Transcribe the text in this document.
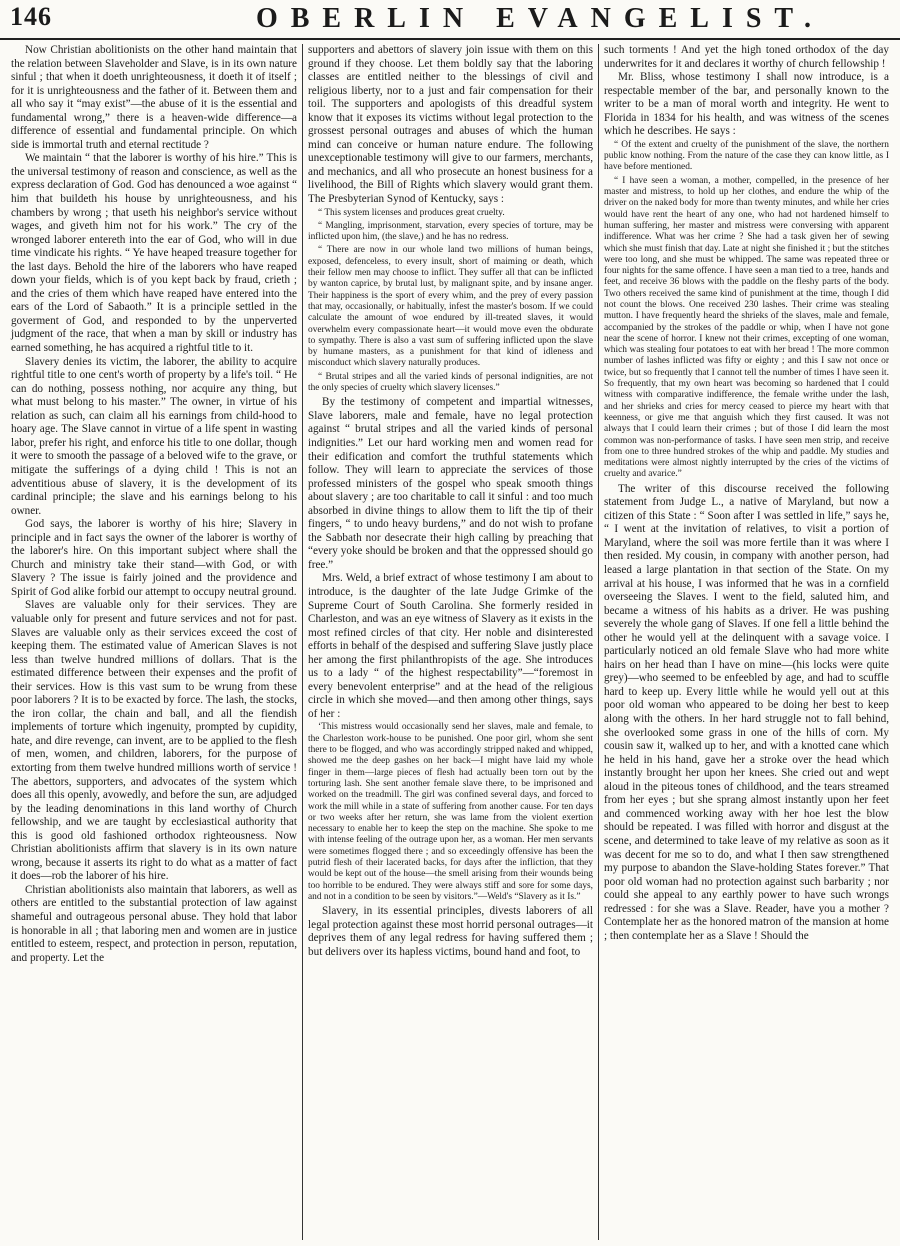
146	OBERLIN EVANGELIST.

Now Christian abolitionists on the other hand maintain that the relation between Slaveholder and Slave, is in its own nature sinful ; that when it doeth unrighteousness, it doeth it of itself ; for it is unrighteousness and the father of it. Between them and all who say it “may exist”—the abuse of it is the essential and fundamental wrong,” there is a heaven-wide difference—a difference of essential and fundamental principle. On which side is immortal truth and eternal rectitude ?

We maintain “ that the laborer is worthy of his hire.” This is the universal testimony of reason and conscience, as well as the express declaration of God. God has denounced a woe against “ him that buildeth his house by unrighteousness, and his chambers by wrong ; that useth his neighbor's service without wages, and giveth him not for his work.” The cry of the wronged laborer entereth into the ear of God, who will in due time vindicate his rights. “ Ye have heaped treasure together for the last days. Behold the hire of the laborers who have reaped down your fields, which is of you kept back by fraud, crieth ; and the cries of them which have reaped have entered into the ears of the Lord of Sabaoth.” It is a principle settled in the goverment of God, and responded to by the unperverted judgment of the race, that when a man by skill or industry has earned something, he has acquired a rightful title to it.

Slavery denies its victim, the laborer, the ability to acquire rightful title to one cent's worth of property by a life's toil. “ He can do nothing, possess nothing, nor acquire any thing, but what must belong to his master.” The owner, in virtue of his relation as such, can claim all his earnings from child-hood to hoary age. The Slave cannot in virtue of a life spent in wasting labor, prefer his right, and enforce his title to one dollar, though it were to smooth the passage of a beloved wife to the grave, or mitigate the sufferings of a dying child ! This is not an adventitious abuse of slavery, it is the development of its cardinal principle; the slave and his earnings belong to his owner.

God says, the laborer is worthy of his hire; Slavery in principle and in fact says the owner of the laborer is worthy of the laborer's hire. On this important subject where shall the Church and ministry take their stand—with God, or with Slavery ? The issue is fairly joined and the providence and Spirit of God alike forbid our attempt to occupy neutral ground.

Slaves are valuable only for their services. They are valuable only for present and future services and not for past. Slaves are valuable only as their services exceed the cost of keeping them. The estimated value of American Slaves is not less than twelve hundred millions of dollars. That is the estimated difference between their expenses and the profit of their services. How is this vast sum to be wrung from these poor laborers ? It is to be exacted by force. The lash, the stocks, the iron collar, the chain and ball, and all the fiendish implements of torture which ingenuity, prompted by cupidity, hate, and dire revenge, can invent, are to be applied to the flesh of men, women, and children, laborers, for the purpose of extorting from them twelve hundred millions worth of service ! The abettors, supporters, and advocates of the system which does all this openly, avowedly, and before the sun, are adjudged by the leading denominations in this land worthy of Church fellowship, and we are taught by ecclesiastical authority that this is good old fashioned orthodox righteousness. Now Christian abolitionists affirm that slavery is in its own nature wrong, because it asserts its right to do what as a matter of fact it does—rob the laborer of his hire.

Christian abolitionists also maintain that laborers, as well as others are entitled to the substantial protection of law against shameful and outrageous personal abuse. They hold that labor is honorable in all ; that laboring men and women are in justice entitled to esteem, respect, and protection in person, reputation, and property. Let the

supporters and abettors of slavery join issue with them on this ground if they choose. Let them boldly say that the laboring classes are entitled neither to the blessings of civil and religious liberty, nor to a just and fair compensation for their toil. The supporters and apologists of this dreadful system know that it exposes its victims without legal protection to the grossest personal outrages and abuses of which the human mind can conceive or human nature endure. The following unexceptionable testimony will give to our farmers, merchants, and mechanics, and all who prosecute an honest business for a livelihood, the Bill of Rights which slavery would grant them. The Presbyterian Synod of Kentucky, says :

“ This system licenses and produces great cruelty.

“ Mangling, imprisonment, starvation, every species of torture, may be inflicted upon him, (the slave,) and he has no redress.

“ There are now in our whole land two millions of human beings, exposed, defenceless, to every insult, short of maiming or death, which their fellow men may choose to inflict. They suffer all that can be inflicted by wanton caprice, by brutal lust, by malignant spite, and by insane anger. Their happiness is the sport of every whim, and the prey of every passion that may, occasionally, or habitually, infest the master's bosom. If we could calculate the amount of woe endured by ill-treated slaves, it would overwhelm every compassionate heart—it would move even the obdurate to sympathy. There is also a vast sum of suffering inflicted upon the slave by humane masters, as a punishment for that kind of idleness and misconduct which slavery naturally produces.

“ Brutal stripes and all the varied kinds of personal indignities, are not the only species of cruelty which slavery licenses.”

By the testimony of competent and impartial witnesses, Slave laborers, male and female, have no legal protection against “ brutal stripes and all the varied kinds of personal indignities.” Let our hard working men and women read for their edification and comfort the truthful statements which follow. They will learn to appreciate the services of those professed ministers of the gospel who speak smooth things about slavery ; are too charitable to call it sinful : and too much absorbed in divine things to allow them to lift the tip of their fingers, “ to undo heavy burdens,” and do not wish to profane the Sabbath nor desecrate their high calling by preaching that “every yoke should be broken and that the oppressed should go free.”

Mrs. Weld, a brief extract of whose testimony I am about to introduce, is the daughter of the late Judge Grimke of the Supreme Court of South Carolina. She formerly resided in Charleston, and was an eye witness of Slavery as it exists in the most refined circles of that city. Her noble and disinterested efforts in behalf of the despised and suffering Slave justly place her among the first philanthropists of the age. She introduces us to a lady “ of the highest respectability”—“foremost in every benevolent enterprise” and at the head of the religious circle in which she moved—and then among other things, says of her :

‘This mistress would occasionally send her slaves, male and female, to the Charleston work-house to be punished. One poor girl, whom she sent there to be flogged, and who was accordingly stripped naked and whipped, showed me the deep gashes on her back—I might have laid my whole finger in them—large pieces of flesh had actually been torn out by the torturing lash. She sent another female slave there, to be imprisoned and worked on the treadmill. The girl was confined several days, and forced to work the mill while in a state of suffering from another cause. For ten days or two weeks after her return, she was lame from the violent exertion necessary to enable her to keep the step on the machine. She spoke to me with intense feeling of the outrage upon her, as a woman. Her men servants were sometimes flogged there ; and so exceedingly offensive has been the putrid flesh of their lacerated backs, for days after the infliction, that they would be kept out of the house—the smell arising from their wounds being too horrible to be endured. They were always stiff and sore for some days, and not in a condition to be seen by visitors.”—Weld's “Slavery as it Is.”

Slavery, in its essential principles, divests laborers of all legal protection against these most horrid personal outrages—it deprives them of any legal redress for having suffered them ; but delivers over its hapless victims, bound hand and foot, to

such torments ! And yet the high toned orthodox of the day underwrites for it and declares it worthy of church fellowship !

Mr. Bliss, whose testimony I shall now introduce, is a respectable member of the bar, and personally known to the writer to be a man of moral worth and integrity. He went to Florida in 1834 for his health, and was witness of the scenes which he describes. He says :

“ Of the extent and cruelty of the punishment of the slave, the northern public know nothing. From the nature of the case they can know little, as I have before mentioned.

“ I have seen a woman, a mother, compelled, in the presence of her master and mistress, to hold up her clothes, and endure the whip of the driver on the naked body for more than twenty minutes, and while her cries would have rent the heart of any one, who had not hardened himself to human suffering, her master and mistress were conversing with apparent indifference. What was her crime ? She had a task given her of sewing which she must finish that day. Late at night she finished it ; but the stitches were too long, and she must be whipped. The same was repeated three or four nights for the same offence. I have seen a man tied to a tree, hands and feet, and receive 36 blows with the paddle on the fleshy parts of the body. Two others received the same kind of punishment at the time, though I did not count the blows. One received 230 lashes. Their crime was stealing mutton. I have frequently heard the shrieks of the slaves, male and female, accompanied by the strokes of the paddle or whip, when I have not gone near the scene of horror. I knew not their crimes, excepting of one woman, which was stealing four potatoes to eat with her bread ! The more common number of lashes inflicted was fifty or eighty ; and this I saw not once or twice, but so frequently that I cannot tell the number of times I have seen it. So frequently, that my own heart was becoming so hardened that I could witness with comparative indifference, the female writhe under the lash, and her shrieks and cries for mercy ceased to pierce my heart with that keenness, or give me that anguish which they first caused. It was not always that I could learn their crimes ; but of those I did learn the most common was non-performance of tasks. I have seen men strip, and receive from one to three hundred strokes of the whip and paddle. My studies and meditations were almost nightly interrupted by the cries of the victims of cruelty and avarice.”

The writer of this discourse received the following statement from Judge L., a native of Maryland, but now a citizen of this State : “ Soon after I was settled in life,” says he, “ I went at the invitation of relatives, to visit a portion of Maryland, where the soil was more fertile than it was where I then resided. My cousin, in company with another person, had leased a large plantation in that section of the State. On my arrival at his house, I was informed that he was in a cornfield overseeing the Slaves. I went to the field, saluted him, and became a witness of his habits as a driver. He was pushing severely the whole gang of Slaves. If one fell a little behind the other he would yell at the delinquent with a savage voice. I particularly noticed an old female Slave who had more white hairs on her head than I have on mine—(his locks were quite grey)—who seemed to be enfeebled by age, and had to scuffle hard to keep up. Every little while he would yell out at this poor old woman who appeared to be doing her best to keep along with the others. In her hard struggle not to fall behind, she overlooked some grass in one of the hills of corn. My cousin saw it, walked up to her, and with a knotted cane which he held in his hand, gave her a stroke over the head which instantly brought her upon her knees. She cried out and wept aloud in the piteous tones of childhood, and the tears streamed from her eyes ; but she sprang almost instantly upon her feet and commenced working away with her hoe lest the blow should be repeated. I was filled with horror and disgust at the scene, and determined to take leave of my relative as soon as it was decent for me so to do, and what I then saw strengthened my purpose to abandon the Slave-holding States forever.” That poor old woman had no protection against such barbarity ; nor could she appeal to any earthly power to have such wrongs redressed : for she was a Slave. Reader, have you a mother ? Contemplate her as the honored matron of the mansion at home ; then contemplate her as a Slave ! Should the
